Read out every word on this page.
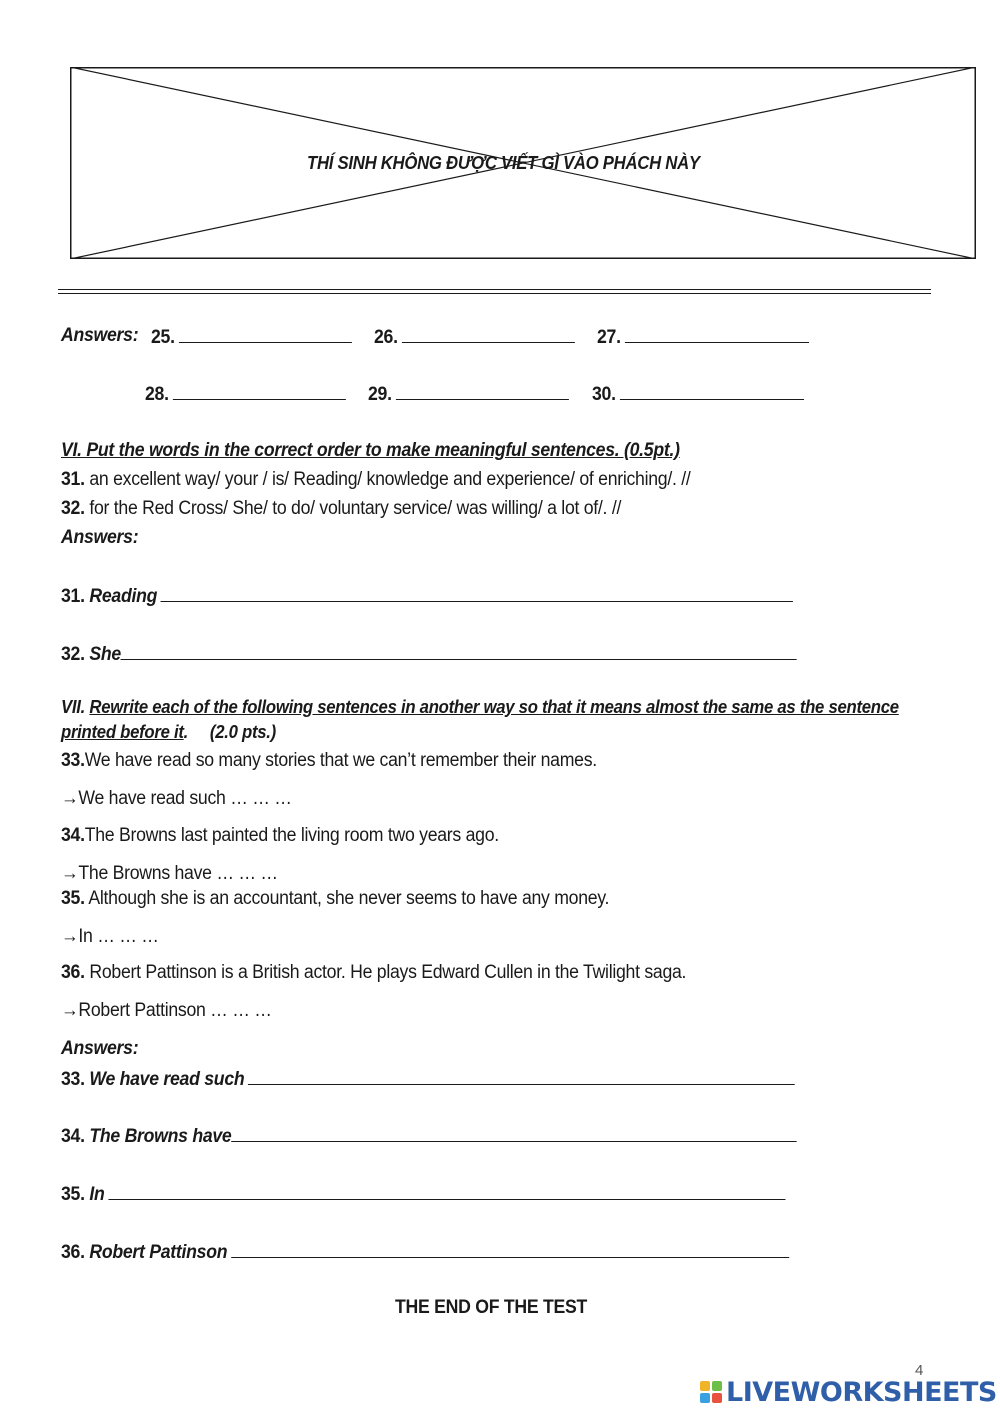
THÍ SINH KHÔNG ĐƯỢC VIẾT GÌ VÀO PHÁCH NÀY
Answers: 25.	26.	27.
28.	29.	30.
VI. Put the words in the correct order to make meaningful sentences. (0.5pt.)
31. an excellent way/ your / is/ Reading/ knowledge and experience/ of enriching/. //
32. for the Red Cross/ She/ to do/ voluntary service/ was willing/ a lot of/. //
Answers:
31. Reading
32. She
VII. Rewrite each of the following sentences in another way so that it means almost the same as the sentence
printed before it. (2.0 pts.)
33.We have read so many stories that we can’t remember their names.
→We have read such … … …
34.The Browns last painted the living room two years ago.
→The Browns have … … …
35. Although she is an accountant, she never seems to have any money.
→In … … …
36. Robert Pattinson is a British actor. He plays Edward Cullen in the Twilight saga.
→Robert Pattinson … … …
Answers:
33. We have read such
34. The Browns have
35. In
36. Robert Pattinson
THE END OF THE TEST
4
LIVEWORKSHEETS
